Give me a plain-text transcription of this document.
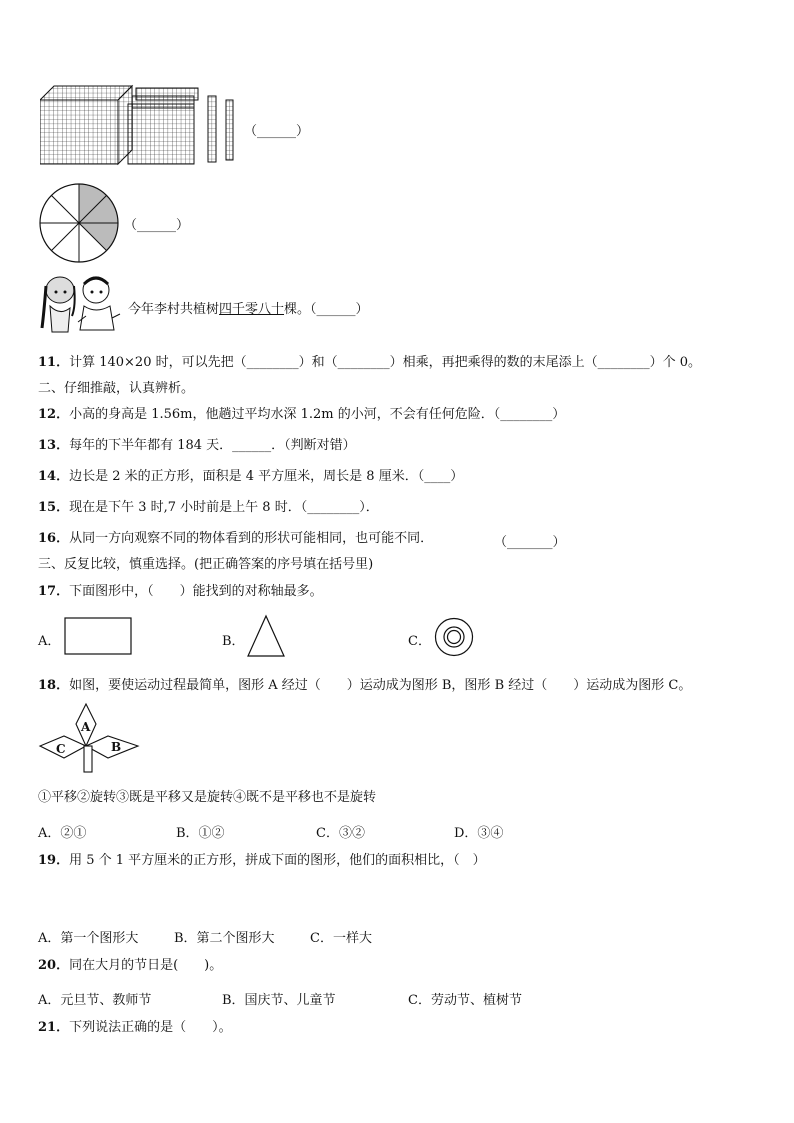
（______）
（______）
今年李村共植树四千零八十棵。（______）
11．计算 140×20 时，可以先把（________）和（________）相乘，再把乘得的数的末尾添上（________）个 0。
二、仔细推敲，认真辨析。
12．小高的身高是 1.56m，他趟过平均水深 1.2m 的小河，不会有任何危险．（________）
13．每年的下半年都有 184 天．______．（判断对错）
14．边长是 2 米的正方形，面积是 4 平方厘米，周长是 8 厘米．（____）
15．现在是下午 3 时,7 小时前是上午 8 时．（________）．
16．从同一方向观察不同的物体看到的形状可能相同，也可能不同．	（_______）
三、反复比较，慎重选择。(把正确答案的序号填在括号里)
17．下面图形中，（　　）能找到的对称轴最多。
A．	B．	C．
18．如图，要使运动过程最简单，图形 A 经过（　　）运动成为图形 B，图形 B 经过（　　）运动成为图形 C。
A
B
C
①平移②旋转③既是平移又是旋转④既不是平移也不是旋转
A．②①	B．①②	C．③②	D．③④
19．用 5 个 1 平方厘米的正方形，拼成下面的图形，他们的面积相比，（　）
A．第一个图形大	B．第二个图形大	C．一样大
20．同在大月的节日是(　　)。
A．元旦节、教师节	B．国庆节、儿童节	C．劳动节、植树节
21．下列说法正确的是（　　）。
